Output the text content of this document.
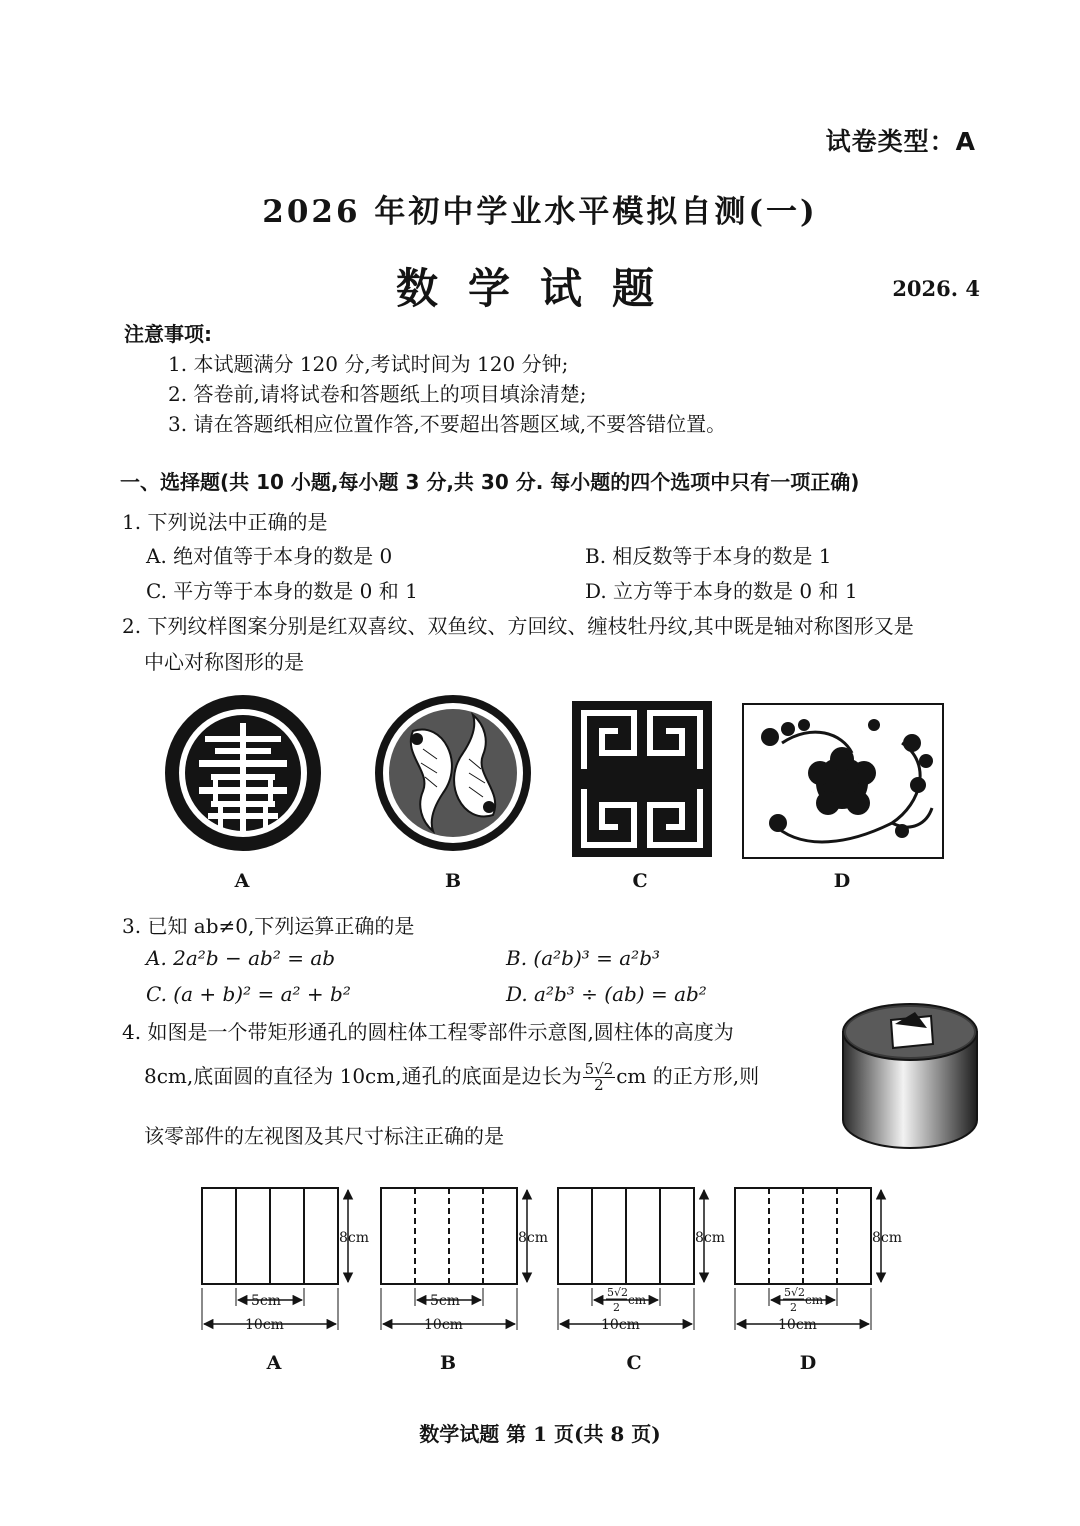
试卷类型：A
2026 年初中学业水平模拟自测(一)
数学试题	2026. 4
注意事项:
1. 本试题满分 120 分,考试时间为 120 分钟;
2. 答卷前,请将试卷和答题纸上的项目填涂清楚;
3. 请在答题纸相应位置作答,不要超出答题区域,不要答错位置。
一、选择题(共 10 小题,每小题 3 分,共 30 分. 每小题的四个选项中只有一项正确)
1. 下列说法中正确的是
A. 绝对值等于本身的数是 0	B. 相反数等于本身的数是 1
C. 平方等于本身的数是 0 和 1	D. 立方等于本身的数是 0 和 1
2. 下列纹样图案分别是红双喜纹、双鱼纹、方回纹、缠枝牡丹纹,其中既是轴对称图形又是
中心对称图形的是
A	B	C	D
3. 已知 ab≠0,下列运算正确的是
A. 2a²b − ab² = ab	B. (a²b)³ = a²b³
C. (a + b)² = a² + b²	D. a²b³ ÷ (ab) = ab²
4. 如图是一个带矩形通孔的圆柱体工程零部件示意图,圆柱体的高度为
8cm,底面圆的直径为 10cm,通孔的底面是边长为 $\frac{5√2}{2}$ cm 的正方形,则
该零部件的左视图及其尺寸标注正确的是
8cm
5cm
10cm
8cm
5cm
10cm
8cm
5√2
2
cm
10cm
8cm
5√2
2
cm
10cm
A	B	C	D
数学试题 第 1 页(共 8 页)
